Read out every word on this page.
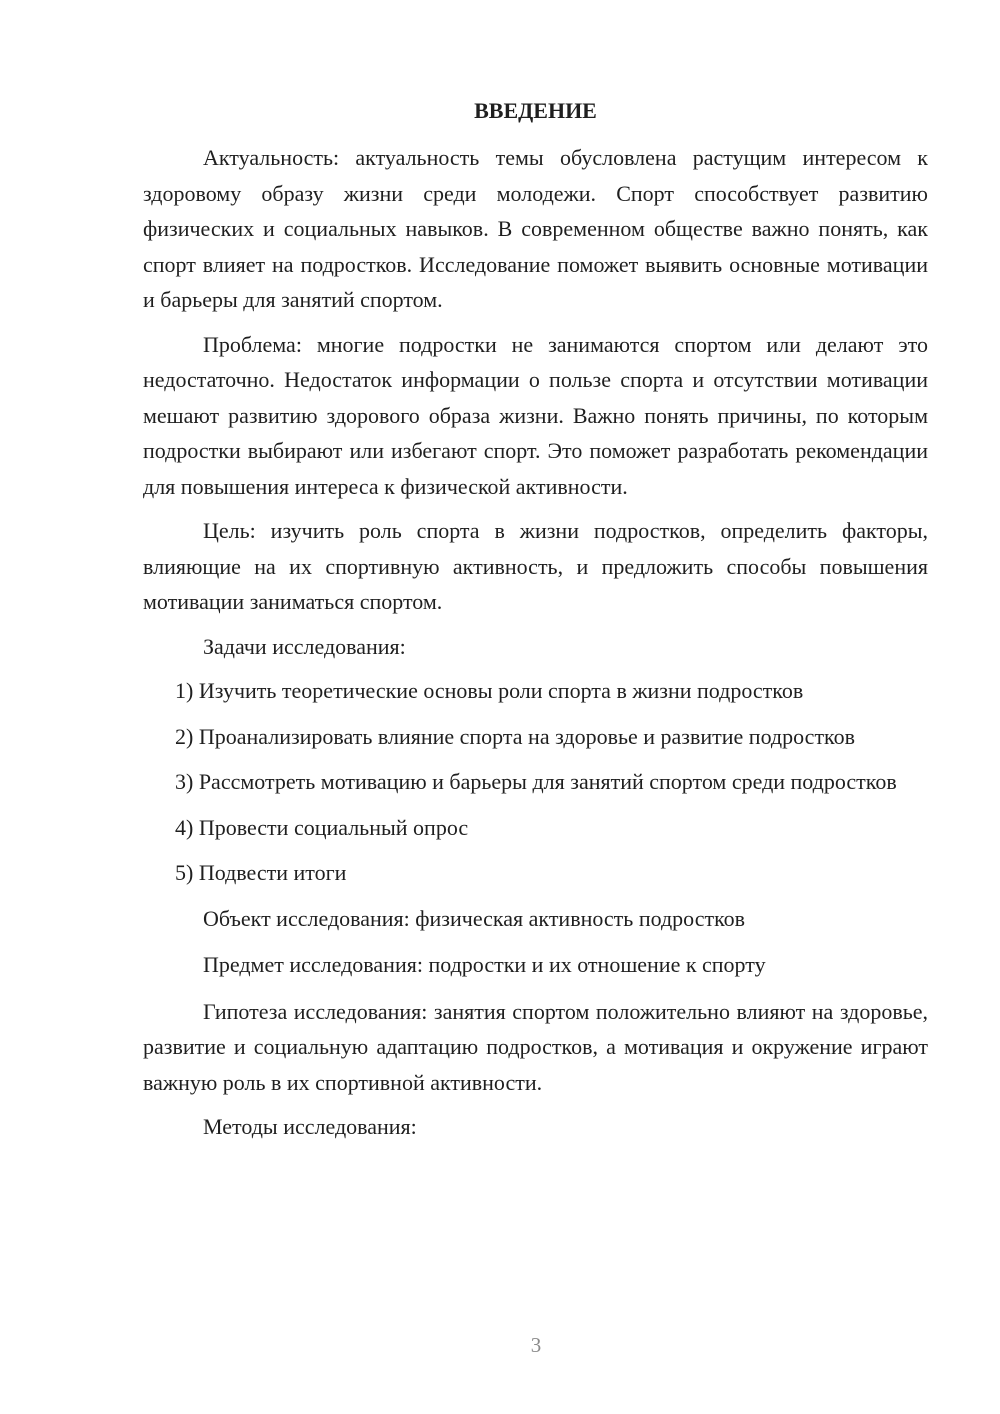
ВВЕДЕНИЕ

Актуальность: актуальность темы обусловлена растущим интересом к здоровому образу жизни среди молодежи. Спорт способствует развитию физических и социальных навыков. В современном обществе важно понять, как спорт влияет на подростков. Исследование поможет выявить основные мотивации и барьеры для занятий спортом.

Проблема: многие подростки не занимаются спортом или делают это недостаточно. Недостаток информации о пользе спорта и отсутствии мотивации мешают развитию здорового образа жизни. Важно понять причины, по которым подростки выбирают или избегают спорт. Это поможет разработать рекомендации для повышения интереса к физической активности.

Цель: изучить роль спорта в жизни подростков, определить факторы, влияющие на их спортивную активность, и предложить способы повышения мотивации заниматься спортом.

Задачи исследования:

1) Изучить теоретические основы роли спорта в жизни подростков

2) Проанализировать влияние спорта на здоровье и развитие подростков

3) Рассмотреть мотивацию и барьеры для занятий спортом среди подростков

4) Провести социальный опрос

5) Подвести итоги

Объект исследования: физическая активность подростков

Предмет исследования: подростки и их отношение к спорту

Гипотеза исследования: занятия спортом положительно влияют на здоровье, развитие и социальную адаптацию подростков, а мотивация и окружение играют важную роль в их спортивной активности.

Методы исследования:

3
